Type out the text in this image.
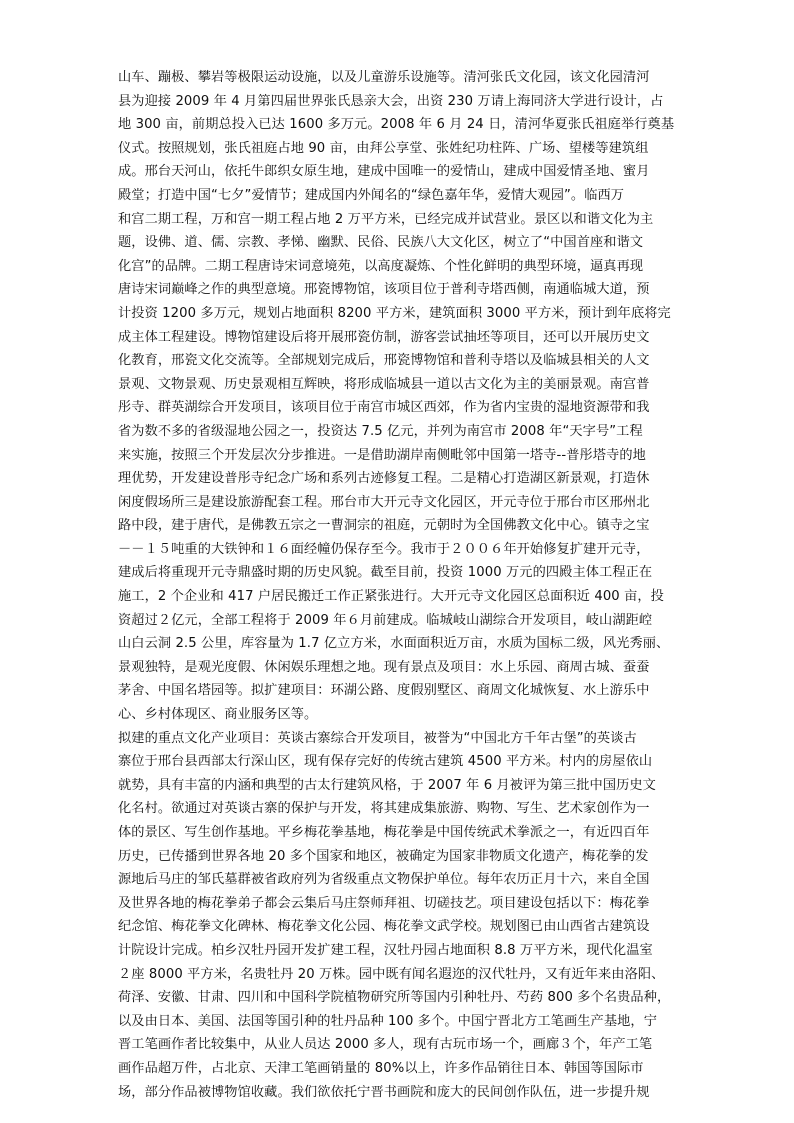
山车、蹦极、攀岩等极限运动设施，以及儿童游乐设施等。清河张氏文化园，该文化园清河
县为迎接 2009 年 4 月第四届世界张氏恳亲大会，出资 230 万请上海同济大学进行设计，占
地 300 亩，前期总投入已达 1600 多万元。2008 年 6 月 24 日，清河华夏张氏祖庭举行奠基
仪式。按照规划，张氏祖庭占地 90 亩，由拜公享堂、张姓纪功柱阵、广场、望楼等建筑组
成。邢台天河山，依托牛郎织女原生地，建成中国唯一的爱情山，建成中国爱情圣地、蜜月
殿堂；打造中国“七夕”爱情节；建成国内外闻名的“绿色嘉年华，爱情大观园”。临西万
和宫二期工程，万和宫一期工程占地 2 万平方米，已经完成并试营业。景区以和谐文化为主
题，设佛、道、儒、宗教、孝悌、幽默、民俗、民族八大文化区，树立了“中国首座和谐文
化宫”的品牌。二期工程唐诗宋词意境苑，以高度凝炼、个性化鲜明的典型环境，逼真再现
唐诗宋词巅峰之作的典型意境。邢瓷博物馆，该项目位于普利寺塔西侧，南通临城大道，预
计投资 1200 多万元，规划占地面积 8200 平方米，建筑面积 3000 平方米，预计到年底将完
成主体工程建设。博物馆建设后将开展邢瓷仿制，游客尝试抽坯等项目，还可以开展历史文
化教育，邢瓷文化交流等。全部规划完成后，邢瓷博物馆和普利寺塔以及临城县相关的人文
景观、文物景观、历史景观相互辉映，将形成临城县一道以古文化为主的美丽景观。南宫普
彤寺、群英湖综合开发项目，该项目位于南宫市城区西郊，作为省内宝贵的湿地资源带和我
省为数不多的省级湿地公园之一，投资达 7.5 亿元，并列为南宫市 2008 年“天字号”工程
来实施，按照三个开发层次分步推进。一是借助湖岸南侧毗邻中国第一塔寺--普彤塔寺的地
理优势，开发建设普彤寺纪念广场和系列古迹修复工程。二是精心打造湖区新景观，打造休
闲度假场所三是建设旅游配套工程。邢台市大开元寺文化园区，开元寺位于邢台市区邢州北
路中段，建于唐代，是佛教五宗之一曹洞宗的祖庭，元朝时为全国佛教文化中心。镇寺之宝
－－１５吨重的大铁钟和１６面经幢仍保存至今。我市于２００６年开始修复扩建开元寺，
建成后将重现开元寺鼎盛时期的历史风貌。截至目前，投资 1000 万元的四殿主体工程正在
施工，2 个企业和 417 户居民搬迁工作正紧张进行。大开元寺文化园区总面积近 400 亩，投
资超过２亿元，全部工程将于 2009 年６月前建成。临城岐山湖综合开发项目，岐山湖距崆
山白云洞 2.5 公里，库容量为 1.7 亿立方米，水面面积近万亩，水质为国标二级，风光秀丽、
景观独特，是观光度假、休闲娱乐理想之地。现有景点及项目：水上乐园、商周古城、蚕蚕
茅舍、中国名塔园等。拟扩建项目：环湖公路、度假别墅区、商周文化城恢复、水上游乐中
心、乡村体现区、商业服务区等。
拟建的重点文化产业项目：英谈古寨综合开发项目，被誉为“中国北方千年古堡”的英谈古
寨位于邢台县西部太行深山区，现有保存完好的传统古建筑 4500 平方米。村内的房屋依山
就势，具有丰富的内涵和典型的古太行建筑风格，于 2007 年 6 月被评为第三批中国历史文
化名村。欲通过对英谈古寨的保护与开发，将其建成集旅游、购物、写生、艺术家创作为一
体的景区、写生创作基地。平乡梅花拳基地，梅花拳是中国传统武术拳派之一，有近四百年
历史，已传播到世界各地 20 多个国家和地区，被确定为国家非物质文化遗产，梅花拳的发
源地后马庄的邹氏墓群被省政府列为省级重点文物保护单位。每年农历正月十六，来自全国
及世界各地的梅花拳弟子都会云集后马庄祭师拜祖、切磋技艺。项目建设包括以下：梅花拳
纪念馆、梅花拳文化碑林、梅花拳文化公园、梅花拳文武学校。规划图已由山西省古建筑设
计院设计完成。柏乡汉牡丹园开发扩建工程，汉牡丹园占地面积 8.8 万平方米，现代化温室
２座 8000 平方米，名贵牡丹 20 万株。园中既有闻名遐迩的汉代牡丹，又有近年来由洛阳、
荷泽、安徽、甘肃、四川和中国科学院植物研究所等国内引种牡丹、芍药 800 多个名贵品种，
以及由日本、美国、法国等国引种的牡丹品种 100 多个。中国宁晋北方工笔画生产基地，宁
晋工笔画作者比较集中，从业人员达 2000 多人，现有古玩市场一个，画廊３个，年产工笔
画作品超万件，占北京、天津工笔画销量的 80%以上，许多作品销往日本、韩国等国际市
场，部分作品被博物馆收藏。我们欲依托宁晋书画院和庞大的民间创作队伍，进一步提升规
